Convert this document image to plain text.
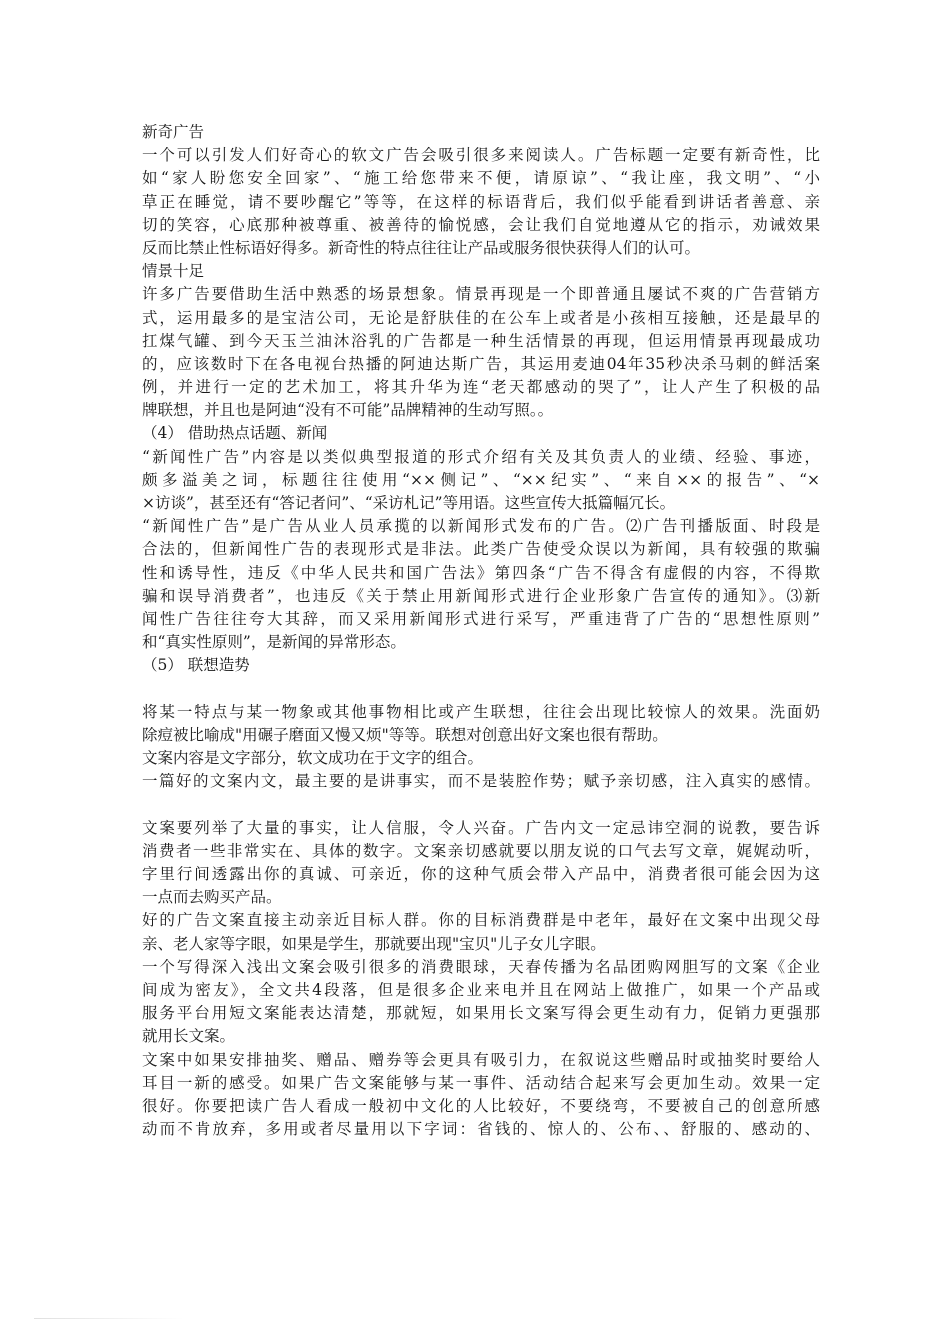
新奇广告
一个可以引发人们好奇心的软文广告会吸引很多来阅读人。广告标题一定要有新奇性，比
如“家人盼您安全回家”、“施工给您带来不便，请原谅”、“我让座，我文明”、“小
草正在睡觉，请不要吵醒它”等等，在这样的标语背后，我们似乎能看到讲话者善意、亲
切的笑容，心底那种被尊重、被善待的愉悦感，会让我们自觉地遵从它的指示，劝诫效果
反而比禁止性标语好得多。新奇性的特点往往让产品或服务很快获得人们的认可。
情景十足
许多广告要借助生活中熟悉的场景想象。情景再现是一个即普通且屡试不爽的广告营销方
式，运用最多的是宝洁公司，无论是舒肤佳的在公车上或者是小孩相互接触，还是最早的
扛煤气罐、到今天玉兰油沐浴乳的广告都是一种生活情景的再现，但运用情景再现最成功
的，应该数时下在各电视台热播的阿迪达斯广告，其运用麦迪04年35秒决杀马刺的鲜活案
例，并进行一定的艺术加工，将其升华为连“老天都感动的哭了”，让人产生了积极的品
牌联想，并且也是阿迪“没有不可能”品牌精神的生动写照。。
（4） 借助热点话题、新闻
“新闻性广告”内容是以类似典型报道的形式介绍有关及其负责人的业绩、经验、事迹，
颇多溢美之词，标题往往使用“××侧记”、“××纪实”、“来自××的报告”、“×
×访谈”，甚至还有“答记者问”、“采访札记”等用语。这些宣传大抵篇幅冗长。
“新闻性广告”是广告从业人员承揽的以新闻形式发布的广告。⑵广告刊播版面、时段是
合法的，但新闻性广告的表现形式是非法。此类广告使受众误以为新闻，具有较强的欺骗
性和诱导性，违反《中华人民共和国广告法》第四条“广告不得含有虚假的内容，不得欺
骗和误导消费者”，也违反《关于禁止用新闻形式进行企业形象广告宣传的通知》。⑶新
闻性广告往往夸大其辞，而又采用新闻形式进行采写，严重违背了广告的“思想性原则”
和“真实性原则”，是新闻的异常形态。
（5） 联想造势
将某一特点与某一物象或其他事物相比或产生联想，往往会出现比较惊人的效果。洗面奶
除痘被比喻成"用碾子磨面又慢又烦"等等。联想对创意出好文案也很有帮助。
文案内容是文字部分，软文成功在于文字的组合。
一篇好的文案内文，最主要的是讲事实，而不是装腔作势；赋予亲切感，注入真实的感情。
文案要列举了大量的事实，让人信服，令人兴奋。广告内文一定忌讳空洞的说教，要告诉
消费者一些非常实在、具体的数字。文案亲切感就要以朋友说的口气去写文章，娓娓动听，
字里行间透露出你的真诚、可亲近，你的这种气质会带入产品中，消费者很可能会因为这
一点而去购买产品。
好的广告文案直接主动亲近目标人群。你的目标消费群是中老年，最好在文案中出现父母
亲、老人家等字眼，如果是学生，那就要出现"宝贝"儿子女儿字眼。
一个写得深入浅出文案会吸引很多的消费眼球，天春传播为名品团购网胆写的文案《企业
间成为密友》，全文共4段落，但是很多企业来电并且在网站上做推广，如果一个产品或
服务平台用短文案能表达清楚，那就短，如果用长文案写得会更生动有力，促销力更强那
就用长文案。
文案中如果安排抽奖、赠品、赠券等会更具有吸引力，在叙说这些赠品时或抽奖时要给人
耳目一新的感受。如果广告文案能够与某一事件、活动结合起来写会更加生动。效果一定
很好。你要把读广告人看成一般初中文化的人比较好，不要绕弯，不要被自己的创意所感
动而不肯放弃，多用或者尽量用以下字词：省钱的、惊人的、公布、、舒服的、感动的、
